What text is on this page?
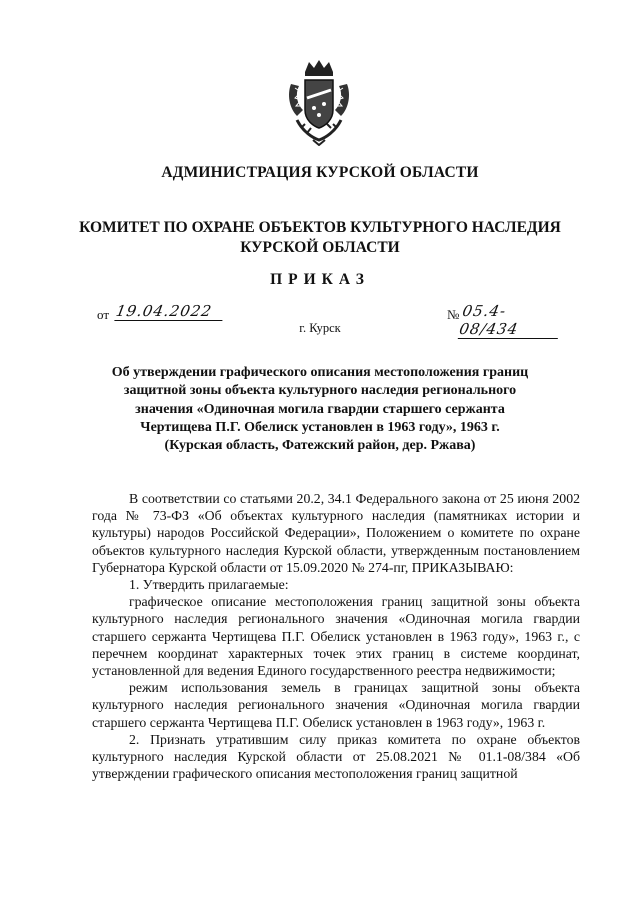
АДМИНИСТРАЦИЯ КУРСКОЙ ОБЛАСТИ
КОМИТЕТ ПО ОХРАНЕ ОБЪЕКТОВ КУЛЬТУРНОГО НАСЛЕДИЯ
КУРСКОЙ ОБЛАСТИ
ПРИКАЗ
от 19.04.2022	№ 05.4-08/434
г. Курск
Об утверждении графического описания местоположения границ
защитной зоны объекта культурного наследия регионального
значения «Одиночная могила гвардии старшего сержанта
Чертищева П.Г. Обелиск установлен в 1963 году», 1963 г.
(Курская область, Фатежский район, дер. Ржава)

В соответствии со статьями 20.2, 34.1 Федерального закона от 25 июня 2002 года № 73-ФЗ «Об объектах культурного наследия (памятниках истории и культуры) народов Российской Федерации», Положением о комитете по охране объектов культурного наследия Курской области, утвержденным постановлением Губернатора Курской области от 15.09.2020 № 274-пг, ПРИКАЗЫВАЮ:

1. Утвердить прилагаемые:

графическое описание местоположения границ защитной зоны объекта культурного наследия регионального значения «Одиночная могила гвардии старшего сержанта Чертищева П.Г. Обелиск установлен в 1963 году», 1963 г., с перечнем координат характерных точек этих границ в системе координат, установленной для ведения Единого государственного реестра недвижимости;

режим использования земель в границах защитной зоны объекта культурного наследия регионального значения «Одиночная могила гвардии старшего сержанта Чертищева П.Г. Обелиск установлен в 1963 году», 1963 г.

2. Признать утратившим силу приказ комитета по охране объектов культурного наследия Курской области от 25.08.2021 № 01.1-08/384 «Об утверждении графического описания местоположения границ защитной
